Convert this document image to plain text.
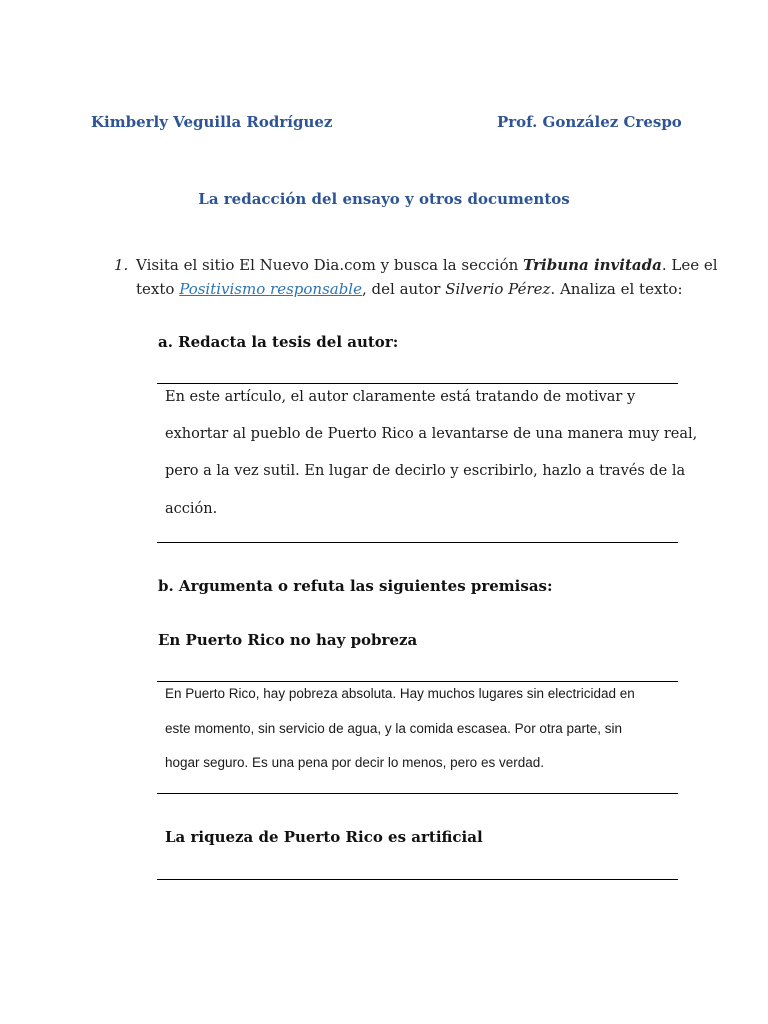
Kimberly Veguilla Rodríguez	Prof. González Crespo
La redacción del ensayo y otros documentos
1. Visita el sitio El Nuevo Dia.com y busca la sección Tribuna invitada. Lee el
texto Positivismo responsable, del autor Silverio Pérez. Analiza el texto:
a. Redacta la tesis del autor:
En este artículo, el autor claramente está tratando de motivar y
exhortar al pueblo de Puerto Rico a levantarse de una manera muy real,
pero a la vez sutil. En lugar de decirlo y escribirlo, hazlo a través de la
acción.
b. Argumenta o refuta las siguientes premisas:
En Puerto Rico no hay pobreza
En Puerto Rico, hay pobreza absoluta. Hay muchos lugares sin electricidad en
este momento, sin servicio de agua, y la comida escasea. Por otra parte, sin
hogar seguro. Es una pena por decir lo menos, pero es verdad.
La riqueza de Puerto Rico es artificial
